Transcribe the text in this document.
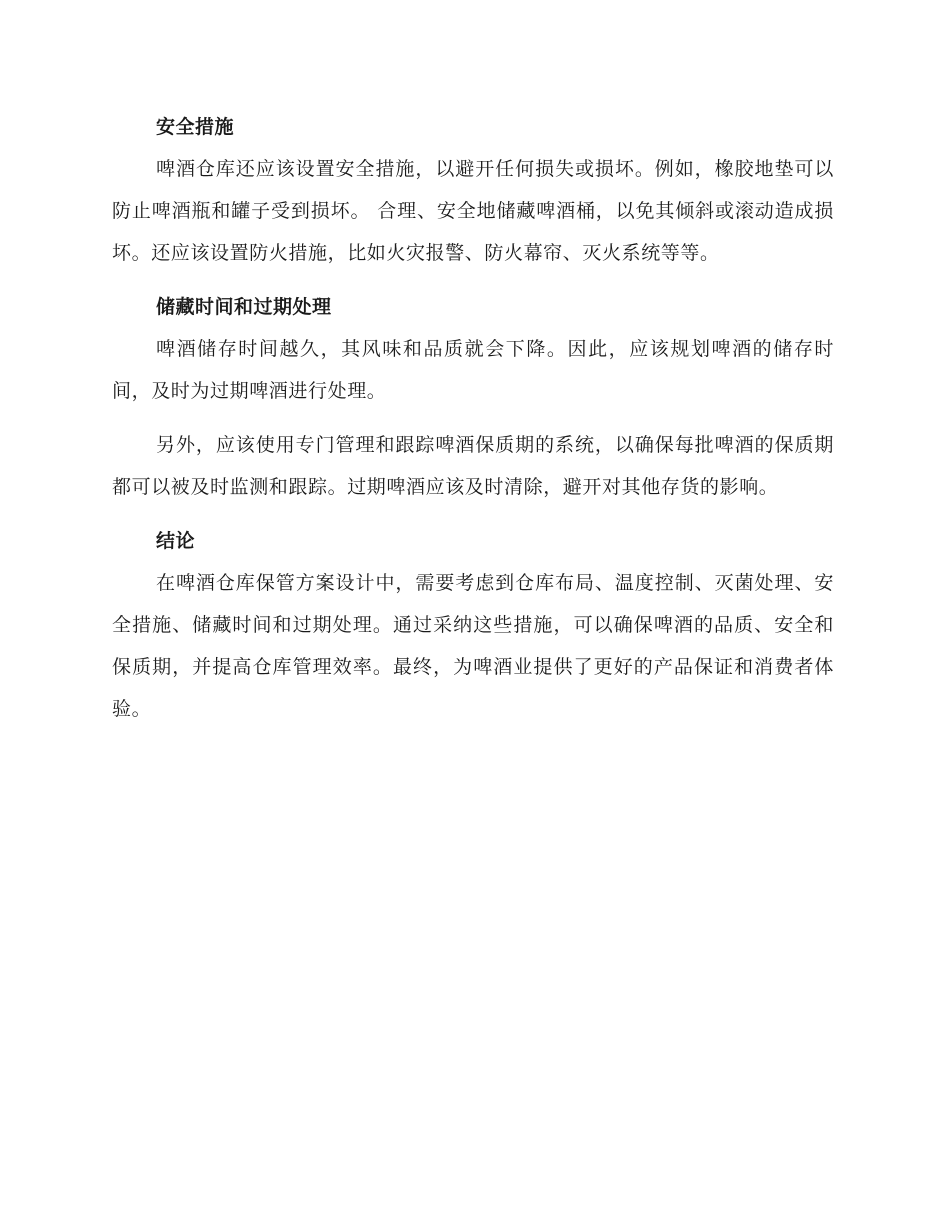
安全措施

啤酒仓库还应该设置安全措施，以避开任何损失或损坏。例如，橡胶地垫可以防止啤酒瓶和罐子受到损坏。 合理、安全地储藏啤酒桶，以免其倾斜或滚动造成损坏。还应该设置防火措施，比如火灾报警、防火幕帘、灭火系统等等。

储藏时间和过期处理

啤酒储存时间越久，其风味和品质就会下降。因此，应该规划啤酒的储存时间，及时为过期啤酒进行处理。

另外，应该使用专门管理和跟踪啤酒保质期的系统，以确保每批啤酒的保质期都可以被及时监测和跟踪。过期啤酒应该及时清除，避开对其他存货的影响。

结论

在啤酒仓库保管方案设计中，需要考虑到仓库布局、温度控制、灭菌处理、安全措施、储藏时间和过期处理。通过采纳这些措施，可以确保啤酒的品质、安全和保质期，并提高仓库管理效率。最终，为啤酒业提供了更好的产品保证和消费者体验。
